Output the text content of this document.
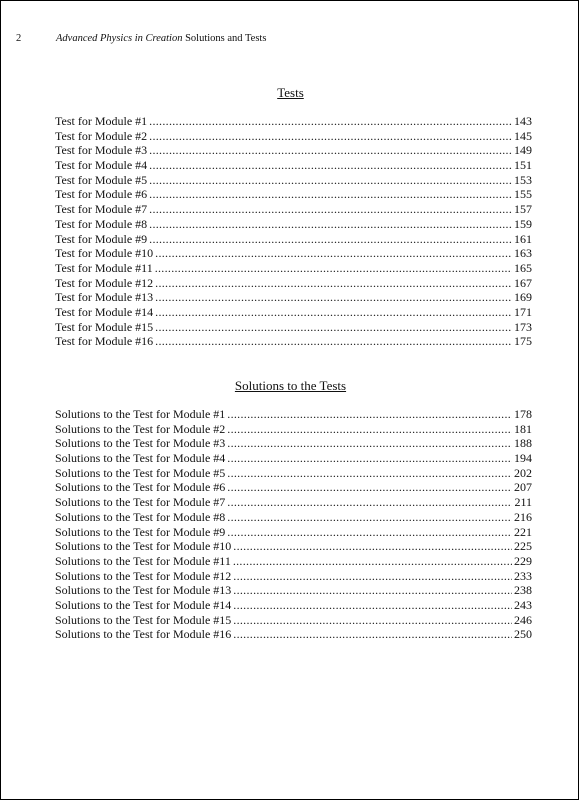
2	Advanced Physics in Creation Solutions and Tests
Tests
Test for Module #1 .....	143
Test for Module #2 .....	145
Test for Module #3 .....	149
Test for Module #4 .....	151
Test for Module #5 .....	153
Test for Module #6 .....	155
Test for Module #7 .....	157
Test for Module #8 .....	159
Test for Module #9 .....	161
Test for Module #10 .....	163
Test for Module #11 .....	165
Test for Module #12 .....	167
Test for Module #13 .....	169
Test for Module #14 .....	171
Test for Module #15 .....	173
Test for Module #16 .....	175
Solutions to the Tests
Solutions to the Test for Module #1 .....	178
Solutions to the Test for Module #2 .....	181
Solutions to the Test for Module #3 .....	188
Solutions to the Test for Module #4 .....	194
Solutions to the Test for Module #5 .....	202
Solutions to the Test for Module #6 .....	207
Solutions to the Test for Module #7 .....	211
Solutions to the Test for Module #8 .....	216
Solutions to the Test for Module #9 .....	221
Solutions to the Test for Module #10 .....	225
Solutions to the Test for Module #11 .....	229
Solutions to the Test for Module #12 .....	233
Solutions to the Test for Module #13 .....	238
Solutions to the Test for Module #14 .....	243
Solutions to the Test for Module #15 .....	246
Solutions to the Test for Module #16 .....	250
